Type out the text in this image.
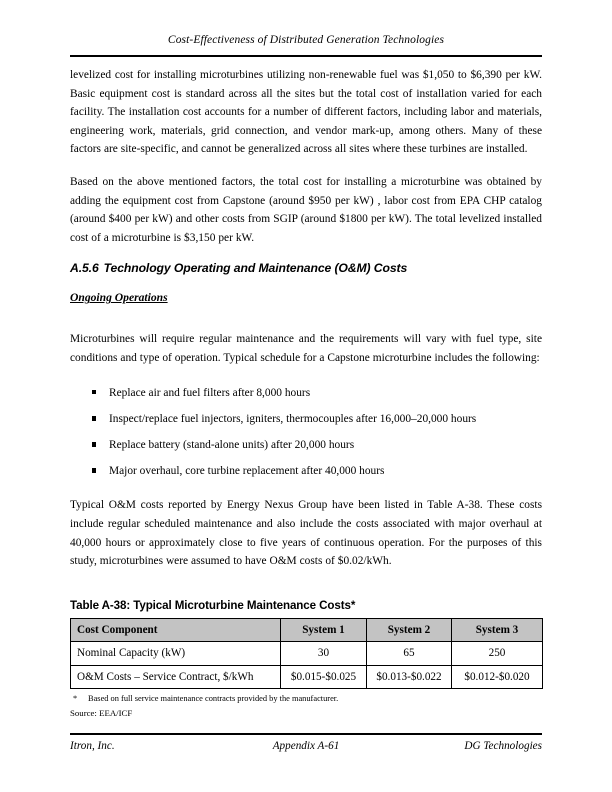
Cost-Effectiveness of Distributed Generation Technologies

levelized cost for installing microturbines utilizing non-renewable fuel was $1,050 to $6,390 per kW. Basic equipment cost is standard across all the sites but the total cost of installation varied for each facility. The installation cost accounts for a number of different factors, including labor and materials, engineering work, materials, grid connection, and vendor mark-up, among others. Many of these factors are site-specific, and cannot be generalized across all sites where these turbines are installed.

Based on the above mentioned factors, the total cost for installing a microturbine was obtained by adding the equipment cost from Capstone (around $950 per kW) , labor cost from EPA CHP catalog (around $400 per kW) and other costs from SGIP (around $1800 per kW). The total levelized installed cost of a microturbine is $3,150 per kW.

A.5.6 Technology Operating and Maintenance (O&M) Costs
Ongoing Operations

Microturbines will require regular maintenance and the requirements will vary with fuel type, site conditions and type of operation. Typical schedule for a Capstone microturbine includes the following:

Replace air and fuel filters after 8,000 hours
Inspect/replace fuel injectors, igniters, thermocouples after 16,000–20,000 hours
Replace battery (stand-alone units) after 20,000 hours
Major overhaul, core turbine replacement after 40,000 hours

Typical O&M costs reported by Energy Nexus Group have been listed in Table A-38. These costs include regular scheduled maintenance and also include the costs associated with major overhaul at 40,000 hours or approximately close to five years of continuous operation. For the purposes of this study, microturbines were assumed to have O&M costs of $0.02/kWh.

Table A-38: Typical Microturbine Maintenance Costs*
Cost Component	System 1	System 2	System 3
Nominal Capacity (kW)	30	65	250
O&M Costs – Service Contract, $/kWh	$0.015-$0.025	$0.013-$0.022	$0.012-$0.020
* Based on full service maintenance contracts provided by the manufacturer.
Source: EEA/ICF
Itron, Inc.	Appendix A-61	DG Technologies
